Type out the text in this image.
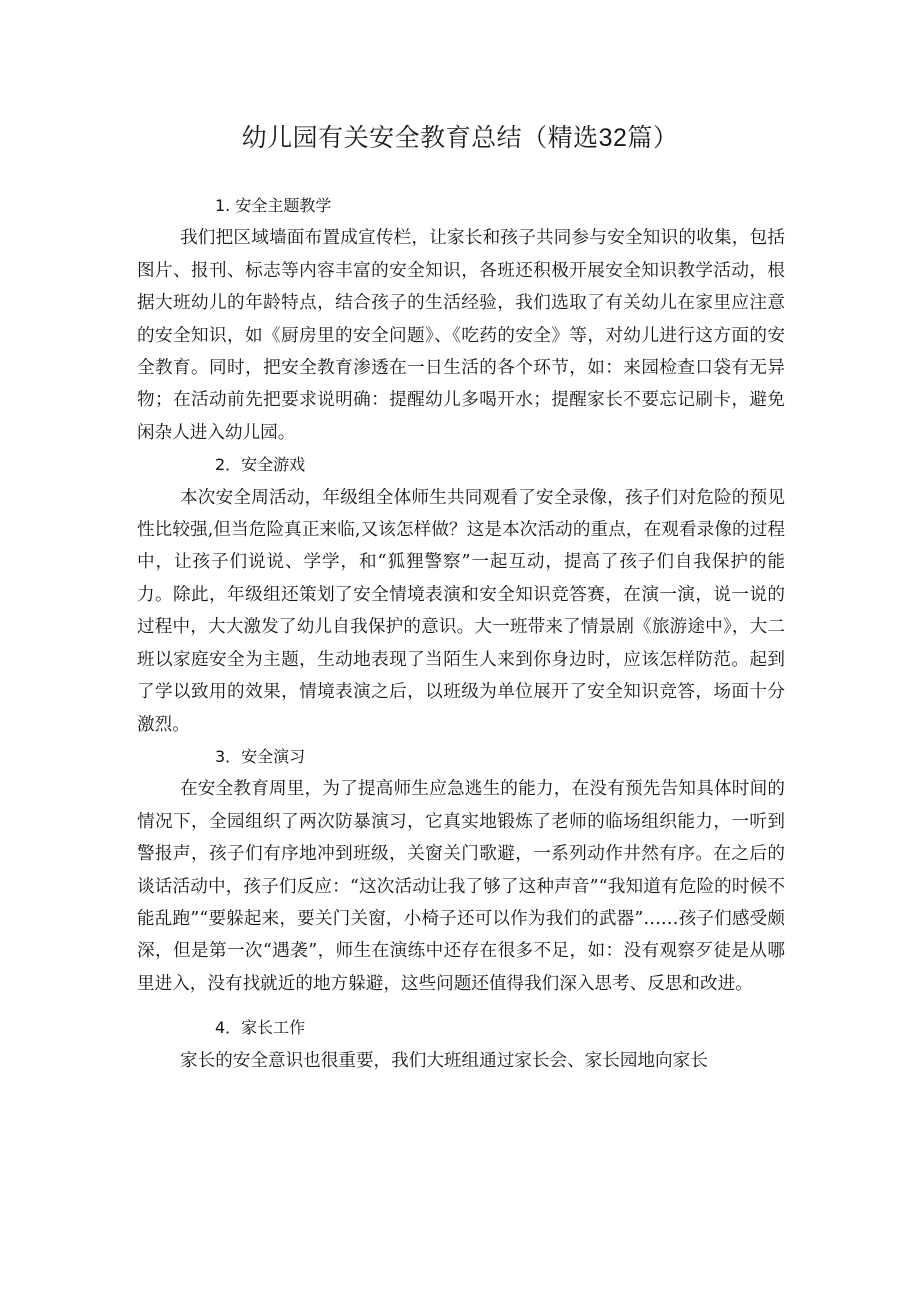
幼儿园有关安全教育总结（精选32篇）
1. 安全主题教学

我们把区域墙面布置成宣传栏，让家长和孩子共同参与安全知识的收集，包括图片、报刊、标志等内容丰富的安全知识，各班还积极开展安全知识教学活动，根据大班幼儿的年龄特点，结合孩子的生活经验，我们选取了有关幼儿在家里应注意的安全知识，如《厨房里的安全问题》、《吃药的安全》等，对幼儿进行这方面的安全教育。同时，把安全教育渗透在一日生活的各个环节，如：来园检查口袋有无异物；在活动前先把要求说明确：提醒幼儿多喝开水；提醒家长不要忘记刷卡，避免闲杂人进入幼儿园。

2．安全游戏

本次安全周活动，年级组全体师生共同观看了安全录像，孩子们对危险的预见性比较强,但当危险真正来临,又该怎样做？这是本次活动的重点，在观看录像的过程中，让孩子们说说、学学，和“狐狸警察”一起互动，提高了孩子们自我保护的能力。除此，年级组还策划了安全情境表演和安全知识竞答赛，在演一演，说一说的过程中，大大激发了幼儿自我保护的意识。大一班带来了情景剧《旅游途中》，大二班以家庭安全为主题，生动地表现了当陌生人来到你身边时，应该怎样防范。起到了学以致用的效果，情境表演之后，以班级为单位展开了安全知识竞答，场面十分激烈。

3．安全演习

在安全教育周里，为了提高师生应急逃生的能力，在没有预先告知具体时间的情况下，全园组织了两次防暴演习，它真实地锻炼了老师的临场组织能力，一听到警报声，孩子们有序地冲到班级，关窗关门歌避，一系列动作井然有序。在之后的谈话活动中，孩子们反应：“这次活动让我了够了这种声音”“我知道有危险的时候不能乱跑”“要躲起来，要关门关窗，小椅子还可以作为我们的武器”……孩子们感受颇深，但是第一次“遇袭”，师生在演练中还存在很多不足，如：没有观察歹徒是从哪里进入，没有找就近的地方躲避，这些问题还值得我们深入思考、反思和改进。

4．家长工作

家长的安全意识也很重要，我们大班组通过家长会、家长园地向家长
